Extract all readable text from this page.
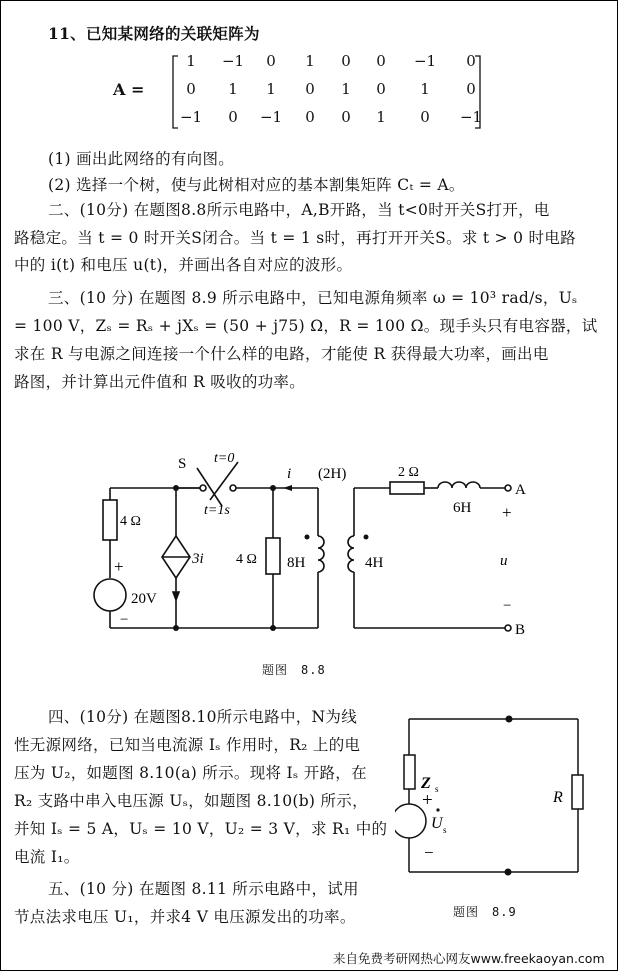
11、已知某网络的关联矩阵为
A =
1	−1	0	1	0	0	−1	0
0	1	1	0	1	0	1	0
−1	0	−1	0	0	1	0	−1
(1) 画出此网络的有向图。
(2) 选择一个树，使与此树相对应的基本割集矩阵 Cₜ = A。
二、(10分) 在题图8.8所示电路中，A,B开路，当 t<0时开关S打开，电
路稳定。当 t = 0 时开关S闭合。当 t = 1 s时，再打开开关S。求 t > 0 时电路
中的 i(t) 和电压 u(t)，并画出各自对应的波形。
三、(10 分) 在题图 8.9 所示电路中，已知电源角频率 ω = 10³ rad/s，Uₛ
= 100 V，Zₛ = Rₛ + jXₛ = (50 + j75) Ω，R = 100 Ω。现手头只有电容器，试
求在 R 与电源之间连接一个什么样的电路，才能使 R 获得最大功率，画出电
路图，并计算出元件值和 R 吸收的功率。
S t=0
t=1s
i (2H)
4 Ω
+
20V
−
3i 4 Ω 8H	4H
2 Ω
6H
A
B
+
u
−
题图　8.8
四、(10分) 在题图8.10所示电路中，N为线
性无源网络，已知当电流源 Iₛ 作用时，R₂ 上的电
压为 U₂，如题图 8.10(a) 所示。现将 Iₛ 开路，在
R₂ 支路中串入电压源 Uₛ，如题图 8.10(b) 所示，
并知 Iₛ = 5 A，Uₛ = 10 V，U₂ = 3 V，求 R₁ 中的
电流 I₁。
五、(10 分) 在题图 8.11 所示电路中，试用
节点法求电压 U₁，并求4 V 电压源发出的功率。
Z s
+
U s
−
R
题图　8.9
来自免费考研网热心网友www.freekaoyan.com
